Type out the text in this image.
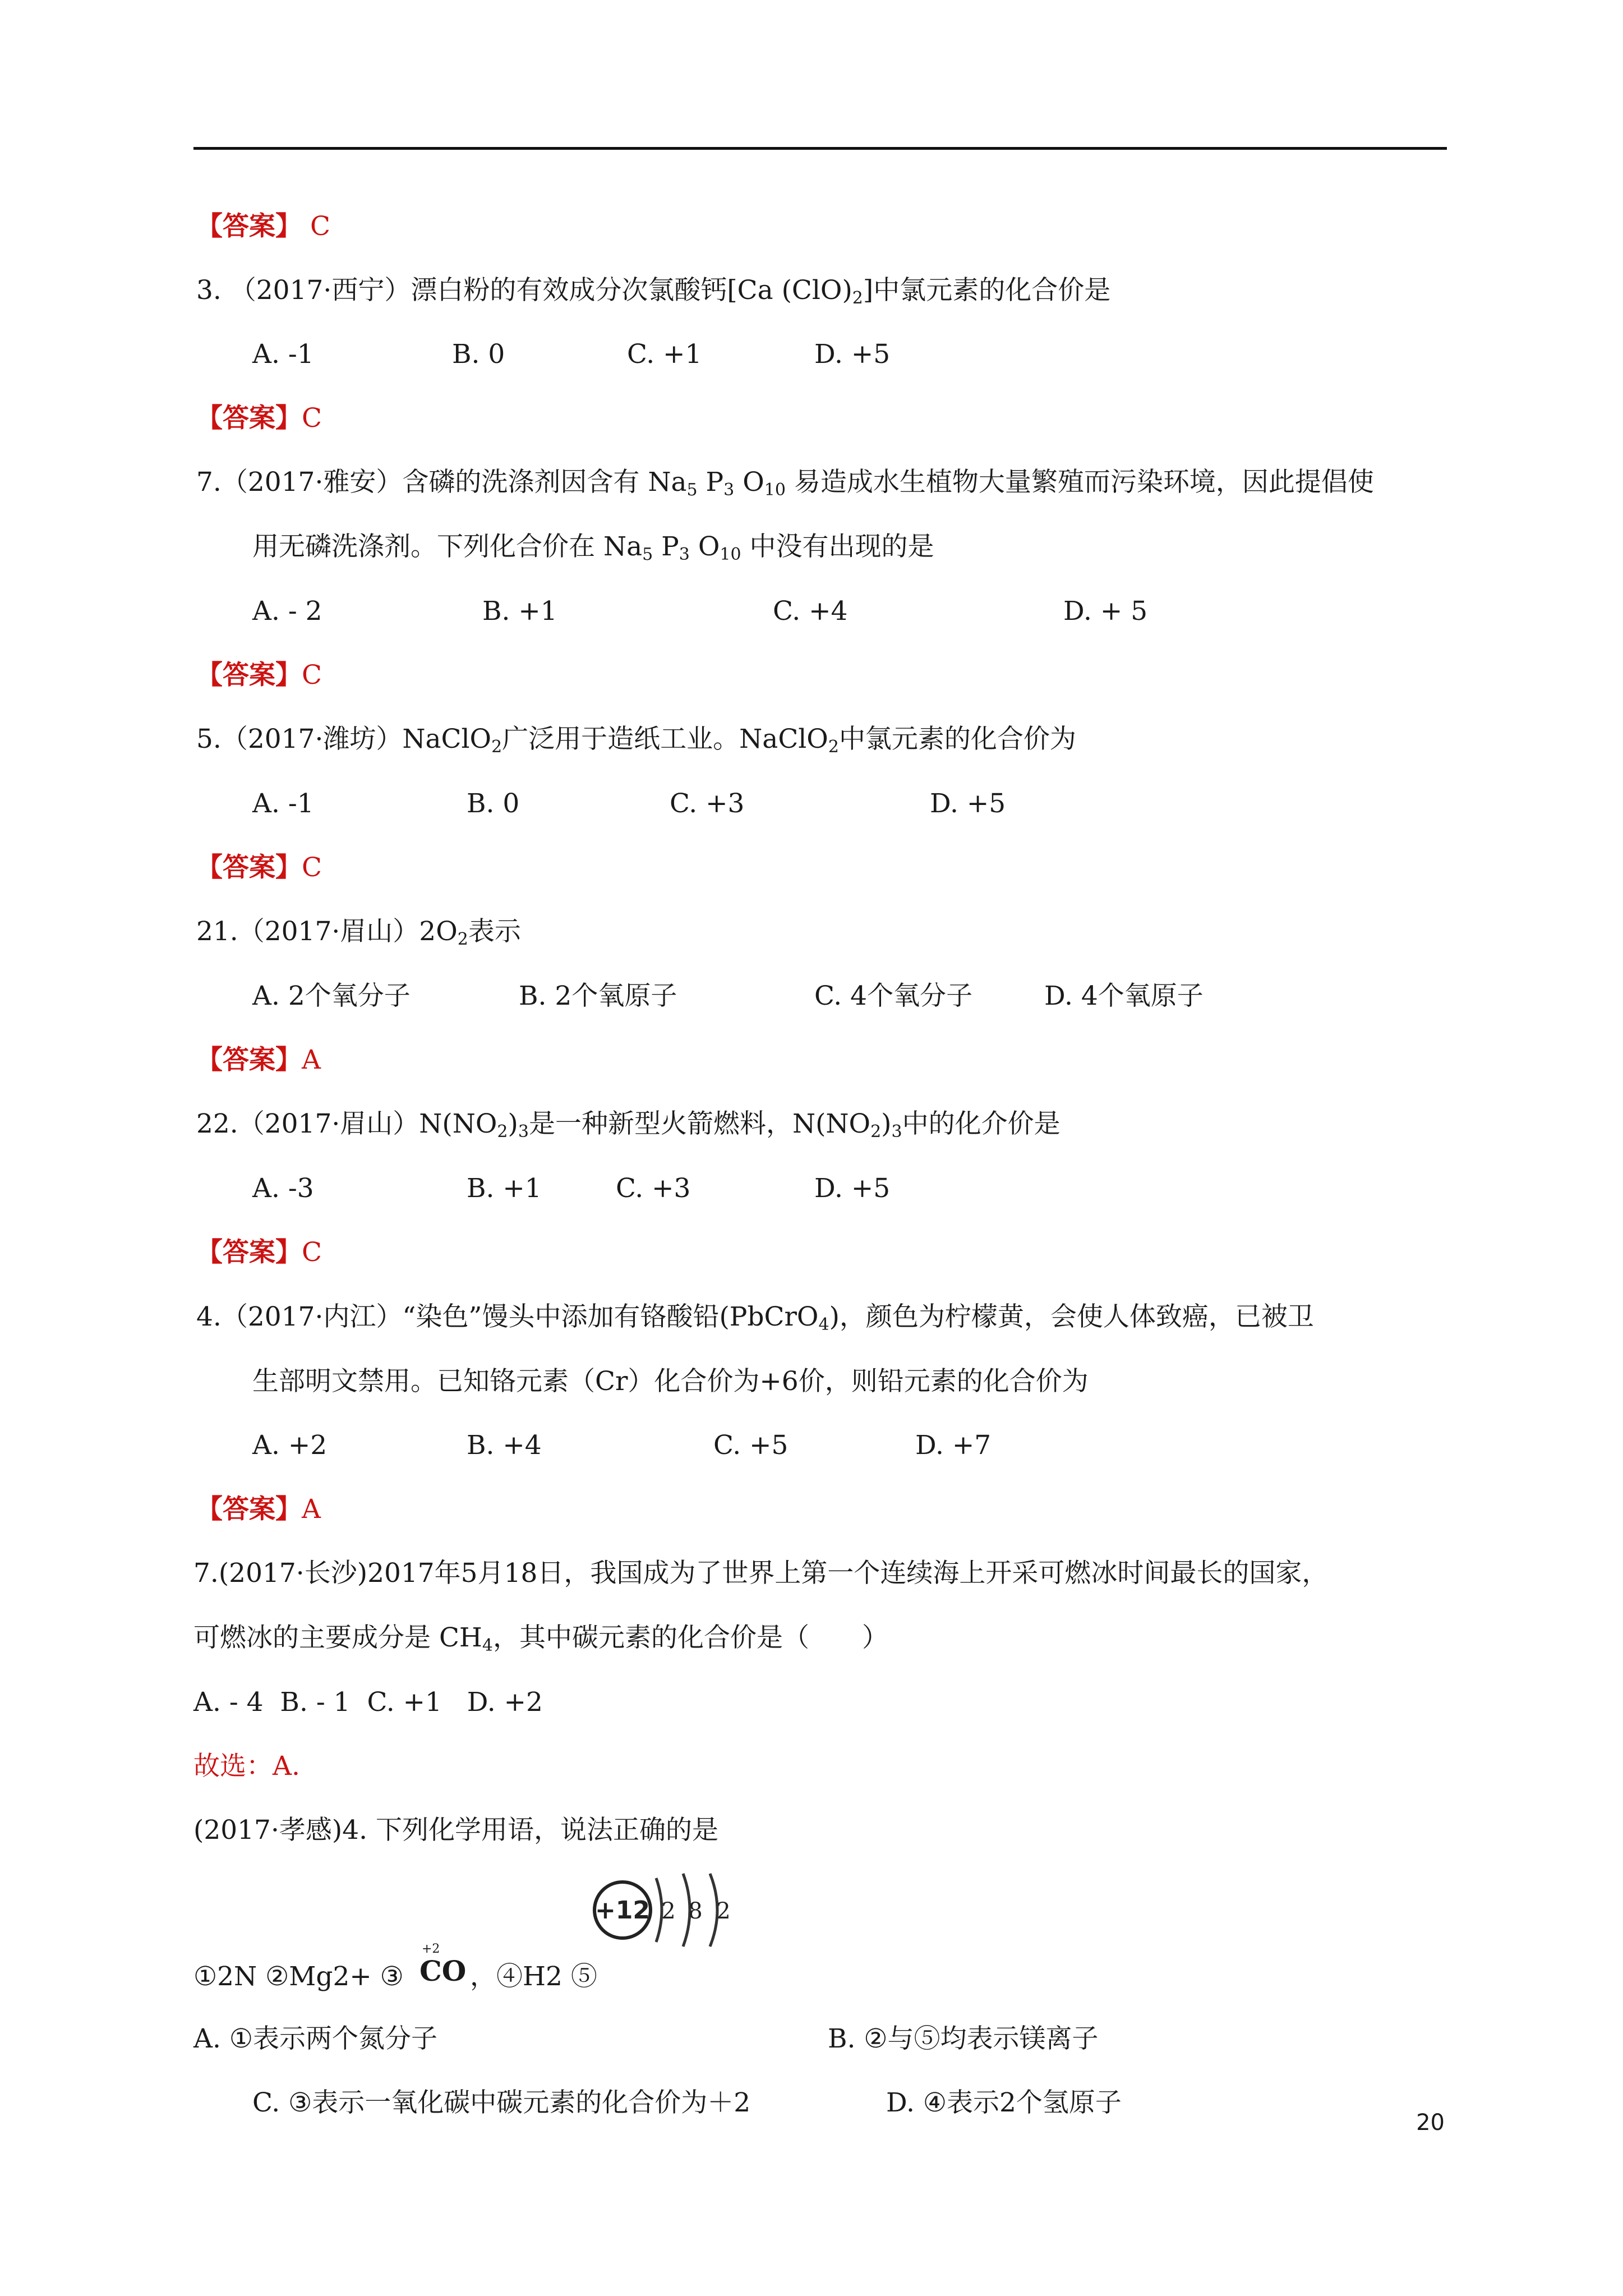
【答案】 C
3. （2017·西宁）漂白粉的有效成分次氯酸钙[Ca $(ClO)_2$]中氯元素的化合价是
A. -1	B. 0	C. +1	D. +5
【答案】C
7.（2017·雅安）含磷的洗涤剂因含有 $Na_5$ $P_3$ $O_{10}$ 易造成水生植物大量繁殖而污染环境，因此提倡使
用无磷洗涤剂。下列化合价在 $Na_5$ $P_3$ $O_{10}$ 中没有出现的是
A. - 2	B. +1	C. +4	D. + 5
【答案】C
5.（2017·潍坊）NaClO$_2$广泛用于造纸工业。NaClO$_2$中氯元素的化合价为
A. -1	B. 0	C. +3	D. +5
【答案】C
21.（2017·眉山）$2O_2$表示
A. 2个氧分子	B. 2个氧原子	C. 4个氧分子	D. 4个氧原子
【答案】A
22.（2017·眉山）$N(NO_2)_3$是一种新型火箭燃料，$N(NO_2)_3$中的化介价是
A. -3	B. +1	C. +3	D. +5
【答案】C
4.（2017·内江）“染色”馒头中添加有铬酸铅(PbCrO$_4$)，颜色为柠檬黄，会使人体致癌，已被卫
生部明文禁用。已知铬元素（Cr）化合价为+6价，则铅元素的化合价为
A. +2	B. +4	C. +5	D. +7
【答案】A
7.(2017·长沙)2017年5月18日，我国成为了世界上第一个连续海上开采可燃冰时间最长的国家，
可燃冰的主要成分是 $CH_4$，其中碳元素的化合价是（　　）
A. - 4  B. - 1  C. +1   D. +2
故选：A.
(2017·孝感)4. 下列化学用语，说法正确的是
①2N ②Mg2+ ③
+2
CO ，④H2 ⑤
+12 2 8 2
A. ①表示两个氮分子	B. ②与⑤均表示镁离子
C. ③表示一氧化碳中碳元素的化合价为＋2	D. ④表示2个氢原子
20
